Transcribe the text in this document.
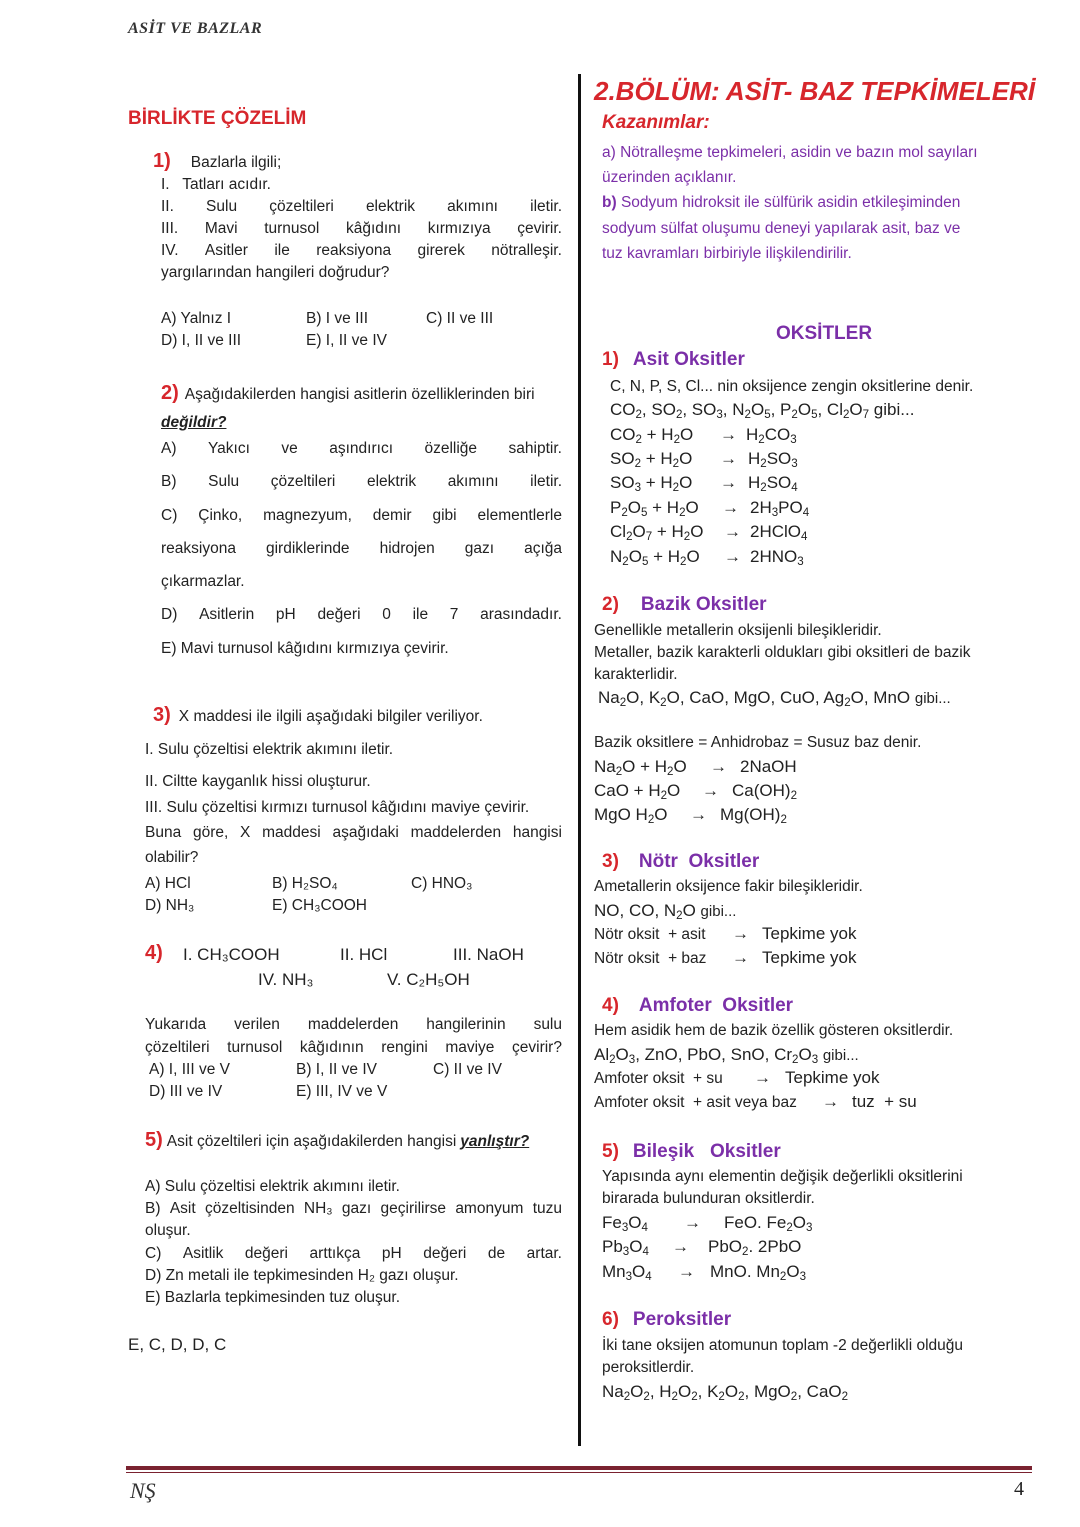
ASİT VE BAZLAR
NŞ	4
BİRLİKTE ÇÖZELİM
1) Bazlarla ilgili;
I.   Tatları acıdır.
II. Sulu çözeltileri elektrik akımını iletir.
III. Mavi turnusol kâğıdını kırmızıya çevirir.
IV. Asitler ile reaksiyona girerek nötralleşir.
yargılarından hangileri doğrudur?
A) Yalnız I	B) I ve III	C) II ve III
D) I, II ve III	E) I, II ve IV
2) Aşağıdakilerden hangisi asitlerin özelliklerinden biri
değildir?
A) Yakıcı ve aşındırıcı özelliğe sahiptir.
B) Sulu çözeltileri elektrik akımını iletir.
C) Çinko, magnezyum, demir gibi elementlerle
reaksiyona girdiklerinde hidrojen gazı açığa
çıkarmazlar.
D) Asitlerin pH değeri 0 ile 7 arasındadır.
E) Mavi turnusol kâğıdını kırmızıya çevirir.
3) X maddesi ile ilgili aşağıdaki bilgiler veriliyor.
I. Sulu çözeltisi elektrik akımını iletir.
II. Ciltte kayganlık hissi oluşturur.
III. Sulu çözeltisi kırmızı turnusol kâğıdını maviye çevirir.
Buna göre, X maddesi aşağıdaki maddelerden hangisi
olabilir?
A) HCl	B) H₂SO₄	C) HNO₃
D) NH₃	E) CH₃COOH
4) I. CH₃COOH	II. HCl	III. NaOH
IV. NH₃	V. C₂H₅OH
Yukarıda verilen maddelerden hangilerinin sulu
çözeltileri turnusol kâğıdının rengini maviye çevirir?
A) I, III ve V	B) I, II ve IV	C) II ve IV
D) III ve IV	E) III, IV ve V
5) Asit çözeltileri için aşağıdakilerden hangisi yanlıştır?
A) Sulu çözeltisi elektrik akımını iletir.
B) Asit çözeltisinden NH₃ gazı geçirilirse amonyum tuzu
oluşur.
C) Asitlik değeri arttıkça pH değeri de artar.
D) Zn metali ile tepkimesinden H₂ gazı oluşur.
E) Bazlarla tepkimesinden tuz oluşur.
E, C, D, D, C
2.BÖLÜM: ASİT- BAZ TEPKİMELERİ
Kazanımlar:
a) Nötralleşme tepkimeleri, asidin ve bazın mol sayıları
üzerinden açıklanır.
b) Sodyum hidroksit ile sülfürik asidin etkileşiminden
sodyum sülfat oluşumu deneyi yapılarak asit, baz ve
tuz kavramları birbiriyle ilişkilendirilir.
OKSİTLER
1) Asit Oksitler
C, N, P, S, Cl... nin oksijence zengin oksitlerine denir.
$CO_2$, $SO_2$, $SO_3$, $N_2O_5$, $P_2O_5$, $Cl_2O_7$ gibi...
$CO_2 + H_2O \to H_2CO_3$
$SO_2 + H_2O \to H_2SO_3$
$SO_3 + H_2O \to H_2SO_4$
$P_2O_5 + H_2O \to 2H_3PO_4$
$Cl_2O_7 + H_2O$ → 2HClO$_4$
$N_2O_5 + H_2O \to 2HNO_3$
2) Bazik Oksitler
Genellikle metallerin oksijenli bileşikleridir.
Metaller, bazik karakterli oldukları gibi oksitleri de bazik
karakterlidir.
$Na_2O$, $K_2O$, CaO, MgO, CuO, $Ag_2O$, MnO gibi...
Bazik oksitlere = Anhidrobaz = Susuz baz denir.
$Na_2O + H_2O$ → 2NaOH
CaO + $H_2O \to Ca(OH)_2$
MgO $H_2O \to Mg(OH)_2$
3) Nötr  Oksitler
Ametallerin oksijence fakir bileşikleridir.
NO, CO, $N_2O$ gibi...
Nötr oksit  + asit → Tepkime yok
Nötr oksit  + baz → Tepkime yok
4) Amfoter  Oksitler
Hem asidik hem de bazik özellik gösteren oksitlerdir.
$Al_2O_3$, ZnO, PbO, SnO, $Cr_2O_3$ gibi...
Amfoter oksit  + su → Tepkime yok
Amfoter oksit  + asit veya baz → tuz  + su
5) Bileşik   Oksitler
Yapısında aynı elementin değişik değerlikli oksitlerini
birarada bulunduran oksitlerdir.
$Fe_3O_4$ → FeO. $Fe_2O_3$
$Pb_3O_4 \to PbO_2$. 2PbO
$Mn_3O_4$ → MnO. $Mn_2O_3$
6) Peroksitler
İki tane oksijen atomunun toplam -2 değerlikli olduğu
peroksitlerdir.
$Na_2O_2$, $H_2O_2$, $K_2O_2$, MgO$_2$, CaO$_2$
